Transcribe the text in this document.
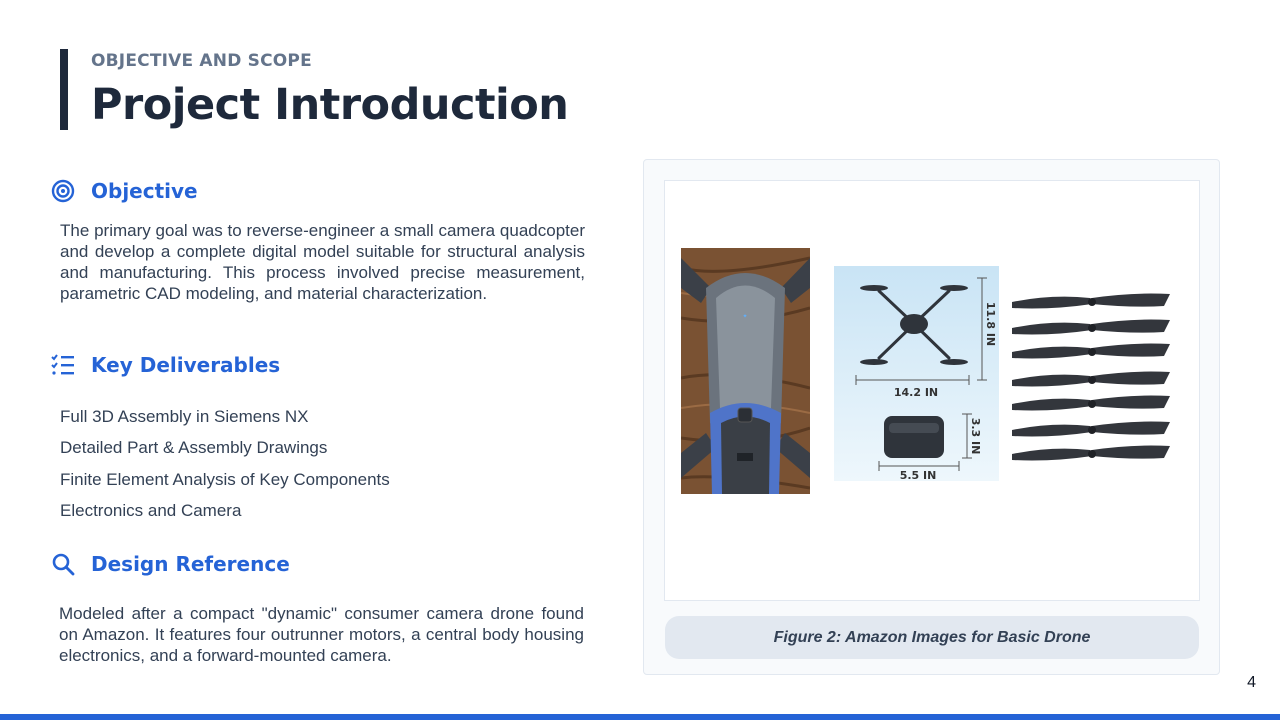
OBJECTIVE AND SCOPE
Project Introduction
Objective

The primary goal was to reverse-engineer a small camera quadcopter and develop a complete digital model suitable for structural analysis and manufacturing. This process involved precise measurement, parametric CAD modeling, and material characterization.

Key Deliverables
Full 3D Assembly in Siemens NX
Detailed Part & Assembly Drawings
Finite Element Analysis of Key Components
Electronics and Camera
Design Reference

Modeled after a compact "dynamic" consumer camera drone found on Amazon. It features four outrunner motors, a central body housing electronics, and a forward-mounted camera.

✦
14.2 IN
11.8 IN
5.5 IN
3.3 IN
Figure 2: Amazon Images for Basic Drone
4
